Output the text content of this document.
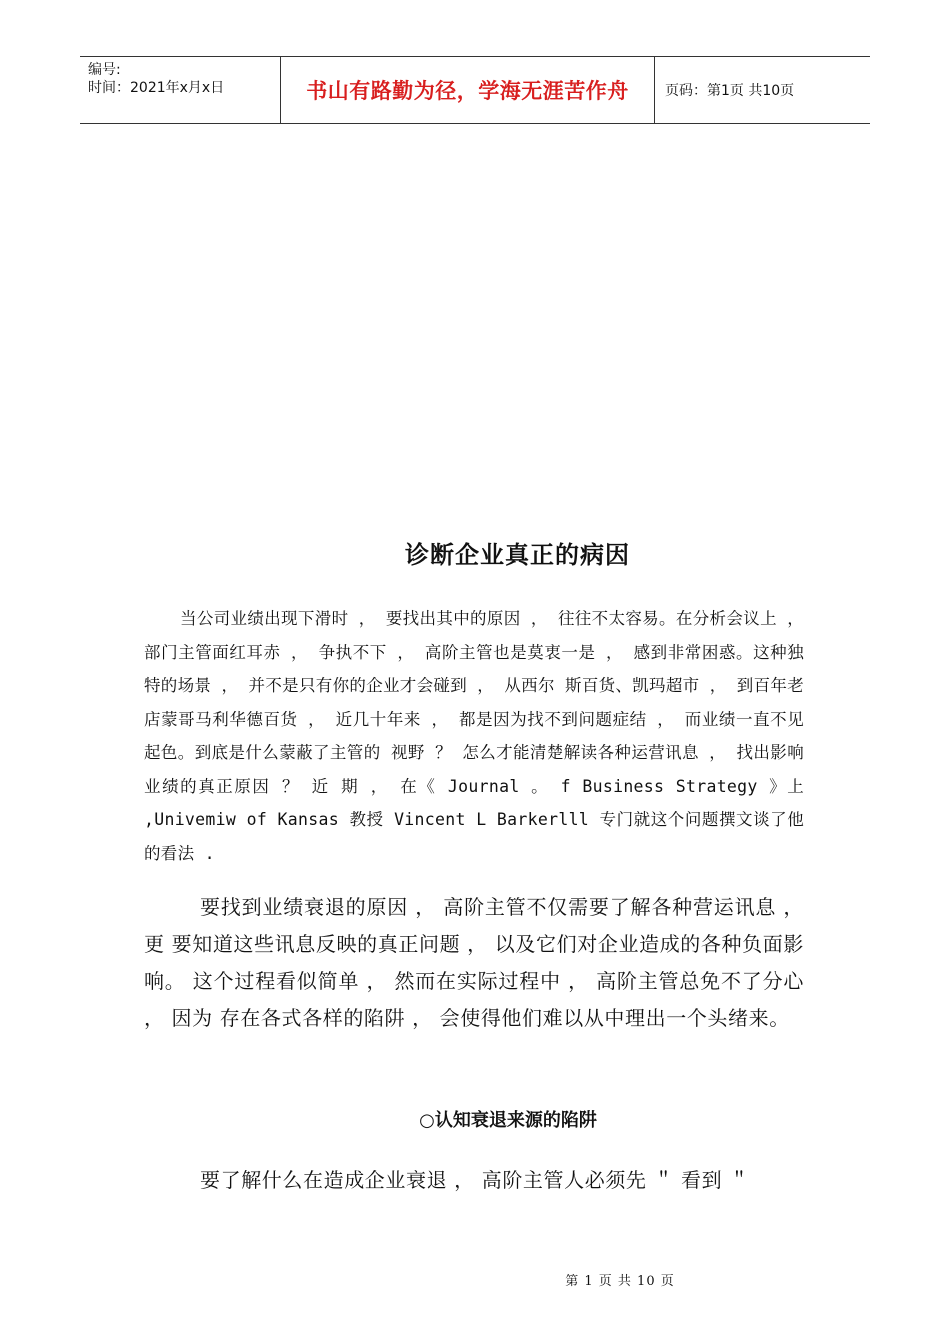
编号:
时间：2021年x月x日	书山有路勤为径，学海无涯苦作舟	页码：第1页 共10页
诊断企业真正的病因
当公司业绩出现下滑时 ， 要找出其中的原因 ， 往往不太容易。在分析会议上 ， 部门主管面红耳赤 ， 争执不下 ， 高阶主管也是莫衷一是 ， 感到非常困惑。这种独特的场景 ， 并不是只有你的企业才会碰到 ， 从西尔 斯百货、凯玛超市 ， 到百年老店蒙哥马利华德百货 ， 近几十年来 ， 都是因为找不到问题症结 ， 而业绩一直不见起色。到底是什么蒙蔽了主管的 视野 ？ 怎么才能清楚解读各种运营讯息 ， 找出影响业绩的真正原因 ？ 近 期 ， 在《 Journal 。 f Business Strategy 》上 ,Univemiw of Kansas 教授 Vincent L Barkerlll 专门就这个问题撰文谈了他的看法 .
要找到业绩衰退的原因 ， 高阶主管不仅需要了解各种营运讯息 ， 更 要知道这些讯息反映的真正问题 ， 以及它们对企业造成的各种负面影响。 这个过程看似简单 ， 然而在实际过程中 ， 高阶主管总免不了分心 ， 因为 存在各式各样的陷阱 ， 会使得他们难以从中理出一个头绪来。
○认知衰退来源的陷阱
要了解什么在造成企业衰退 ， 高阶主管人必须先 ＂ 看到 ＂
第 1 页 共 10 页
